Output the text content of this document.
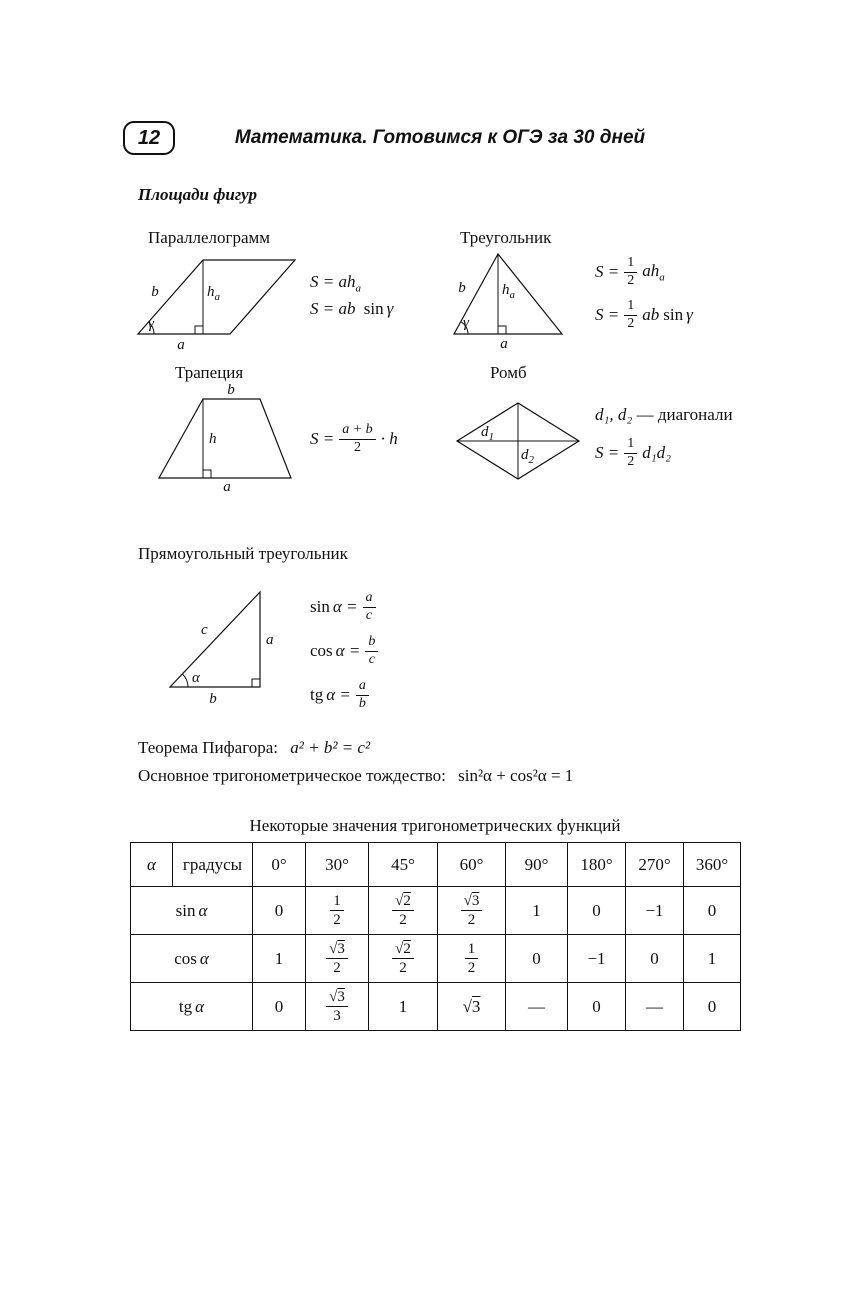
12	Математика. Готовимся к ОГЭ за 30 дней
Площади фигур
Параллелограмм
b	$h_a$
γ
a
$S = ah_a$
S = ab sin γ
Треугольник
b $h_a$
γ
a
$S = \frac{1}{2} ah_a$
$S = \frac{1}{2}$ ab sin γ
Трапеция
b
h
a
$S = \frac{a + b}{2} \cdot h$
Ромб
$d_1$
$d_2$
d₁, d₂ — диагонали
$S = \frac{1}{2} d_1d_2$
Прямоугольный треугольник
c
a
α
b
$\sin \alpha = \frac{a}{c}$
$\cos \alpha = \frac{b}{c}$
tg $\alpha = \frac{a}{b}$
Теорема Пифагора: a² + b² = c²
Основное тригонометрическое тождество: sin²α + cos²α = 1
Некоторые значения тригонометрических функций
α	градусы	0°	30°	45°	60°	90°	180°	270°	360°
sin α		0	$\frac{1}{2}$	$\frac{√2}{2}$	$\frac{√3}{2}$	1	0	−1	0
cos α		1	$\frac{√3}{2}$	$\frac{√2}{2}$	$\frac{1}{2}$	0	−1	0	1
tg α		0	$\frac{√3}{3}$	1	√3	—	0	—	0
